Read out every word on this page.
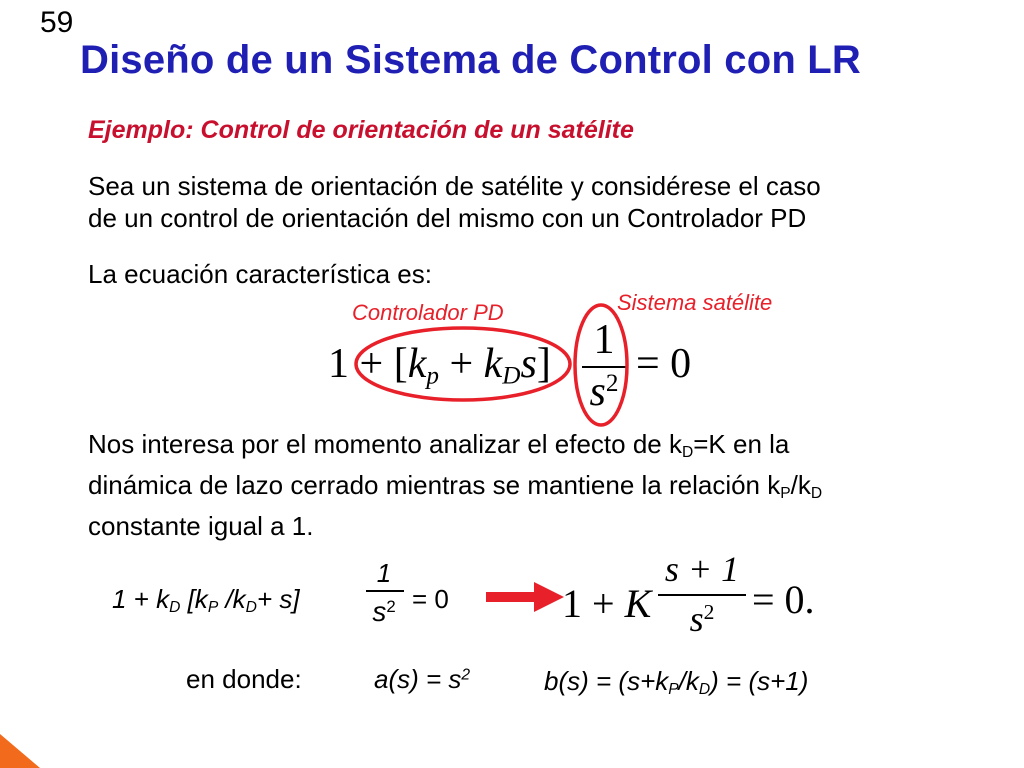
59
Diseño de un Sistema de Control con LR
Ejemplo: Control de orientación de un satélite
Sea un sistema de orientación de satélite y considérese el caso
de un control de orientación del mismo con un Controlador PD
La ecuación característica es:
Controlador PD	Sistema satélite
$1 + [k_p + k_Ds]$
1
$s^2 = 0$
Nos interesa por el momento analizar el efecto de $k_D=K$ en la
dinámica de lazo cerrado mientras se mantiene la relación $k_P/k_D$
constante igual a 1.
$1 + k_D$ [$k_P$ $/k_D+ s$]
1
$s^2 = 0$	1 + K
s + 1
$s^2 = 0$.
en donde:	$a(s) = s^2$	$b(s) = (s+k_P/k_D) = (s+1)$
